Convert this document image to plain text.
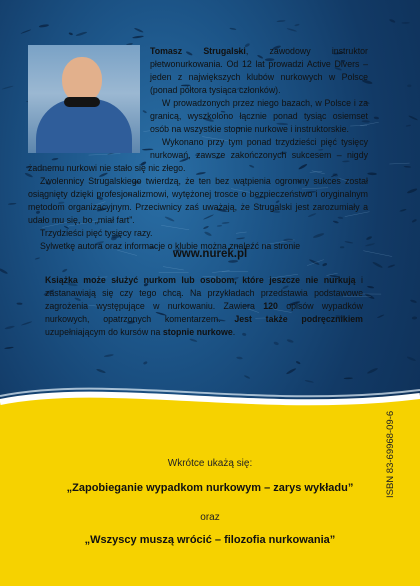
Tomasz Strugalski, zawodowy instruktor płetwonurkowania. Od 12 lat prowadzi Active Divers – jeden z największych klubów nurkowych w Polsce (ponad półtora tysiąca członków).

W prowadzonych przez niego bazach, w Polsce i za granicą, wyszkolono łącznie ponad tysiąc osiemset osób na wszystkie stopnie nurkowe i instruktorskie.

Wykonano przy tym ponad trzydzieści pięć tysięcy nurkowań, zawsze zakończonych sukcesem – nigdy żadnemu nurkowi nie stało się nic złego.

Zwolennicy Strugalskiego twierdzą, że ten bez wątpienia ogromny sukces został osiągnięty dzięki profesjonalizmowi, wytężonej trosce o bezpieczeństwo i oryginalnym metodom organizacyjnym. Przeciwnicy zaś uważają, że Strugalski jest zarozumiały a udało mu się, bo „miał fart”.

Trzydzieści pięć tysięcy razy.

Sylwetkę autora oraz informacje o klubie można znaleźć na stronie

www.nurek.pl

Książka może służyć nurkom lub osobom, które jeszcze nie nurkują i zastanawiają się czy tego chcą. Na przykładach przedstawia podstawowe zagrożenia występujące w nurkowaniu. Zawiera 120 opisów wypadków nurkowych, opatrzonych komentarzem. Jest także podręcznikiem uzupełniającym do kursów na stopnie nurkowe.

Wkrótce ukażą się:
„Zapobieganie wypadkom nurkowym – zarys wykładu”
oraz
„Wszyscy muszą wrócić – filozofia nurkowania”
ISBN 83-69968-09-6
